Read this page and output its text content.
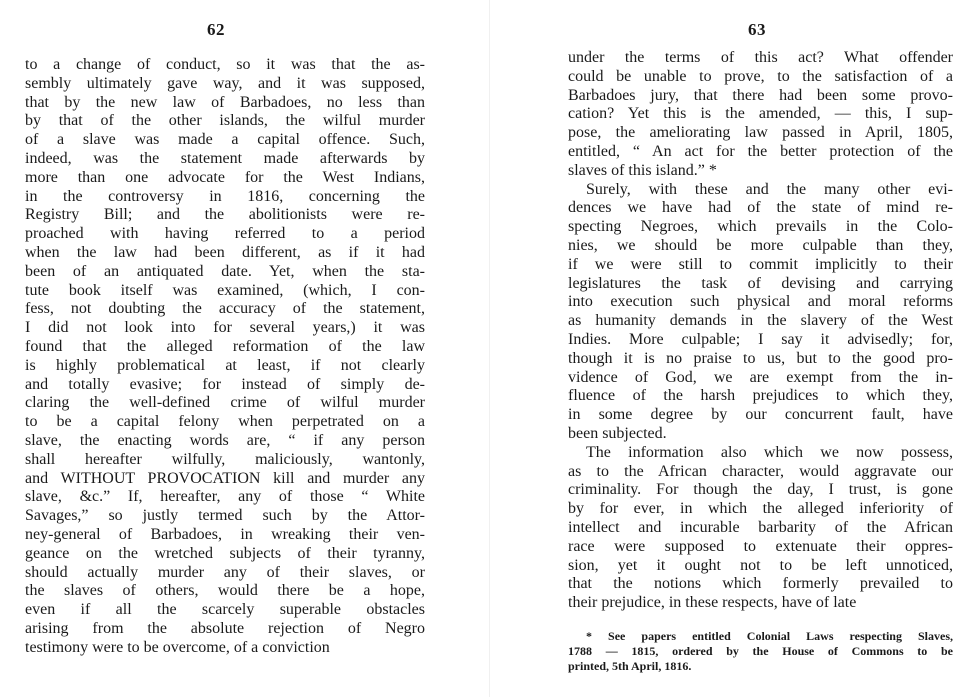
62
to a change of conduct, so it was that the as-
sembly ultimately gave way, and it was supposed,
that by the new law of Barbadoes, no less than
by that of the other islands, the wilful murder
of a slave was made a capital offence. Such,
indeed, was the statement made afterwards by
more than one advocate for the West Indians,
in the controversy in 1816, concerning the
Registry Bill; and the abolitionists were re-
proached with having referred to a period
when the law had been different, as if it had
been of an antiquated date. Yet, when the sta-
tute book itself was examined, (which, I con-
fess, not doubting the accuracy of the statement,
I did not look into for several years,) it was
found that the alleged reformation of the law
is highly problematical at least, if not clearly
and totally evasive; for instead of simply de-
claring the well-defined crime of wilful murder
to be a capital felony when perpetrated on a
slave, the enacting words are, “ if any person
shall hereafter wilfully, maliciously, wantonly,
and WITHOUT PROVOCATION kill and murder any
slave, &c.” If, hereafter, any of those “ White
Savages,” so justly termed such by the Attor-
ney-general of Barbadoes, in wreaking their ven-
geance on the wretched subjects of their tyranny,
should actually murder any of their slaves, or
the slaves of others, would there be a hope,
even if all the scarcely superable obstacles
arising from the absolute rejection of Negro
testimony were to be overcome, of a conviction
63
under the terms of this act? What offender
could be unable to prove, to the satisfaction of a
Barbadoes jury, that there had been some provo-
cation? Yet this is the amended, — this, I sup-
pose, the ameliorating law passed in April, 1805,
entitled, “ An act for the better protection of the
slaves of this island.” *
Surely, with these and the many other evi-
dences we have had of the state of mind re-
specting Negroes, which prevails in the Colo-
nies, we should be more culpable than they,
if we were still to commit implicitly to their
legislatures the task of devising and carrying
into execution such physical and moral reforms
as humanity demands in the slavery of the West
Indies. More culpable; I say it advisedly; for,
though it is no praise to us, but to the good pro-
vidence of God, we are exempt from the in-
fluence of the harsh prejudices to which they,
in some degree by our concurrent fault, have
been subjected.
The information also which we now possess,
as to the African character, would aggravate our
criminality. For though the day, I trust, is gone
by for ever, in which the alleged inferiority of
intellect and incurable barbarity of the African
race were supposed to extenuate their oppres-
sion, yet it ought not to be left unnoticed,
that the notions which formerly prevailed to
their prejudice, in these respects, have of late
* See papers entitled Colonial Laws respecting Slaves,
1788 — 1815, ordered by the House of Commons to be
printed, 5th April, 1816.
